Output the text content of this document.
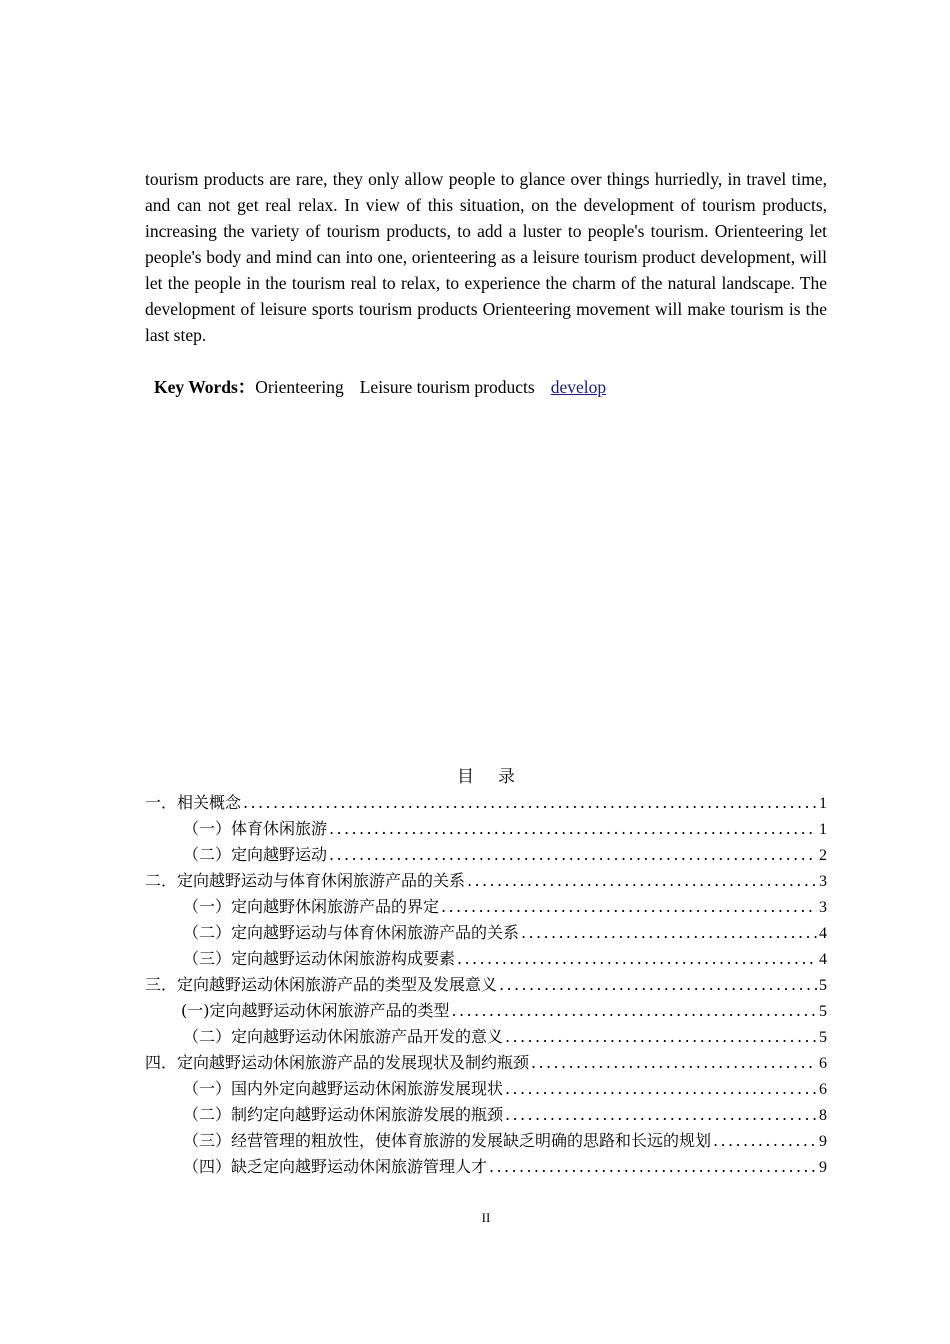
tourism products are rare, they only allow people to glance over things hurriedly, in travel time, and can not get real relax. In view of this situation, on the development of tourism products, increasing the variety of tourism products, to add a luster to people's tourism. Orienteering let people's body and mind can into one, orienteering as a leisure tourism product development, will let the people in the tourism real to relax, to experience the charm of the natural landscape. The development of leisure sports tourism products Orienteering movement will make tourism is the last step.

Key Words：Orienteering Leisure tourism products develop
目 录
一． 相关概念 .....	1
（一）体育休闲旅游 .....	1
（二）定向越野运动 .....	2
二． 定向越野运动与体育休闲旅游产品的关系 .....	3
（一）定向越野休闲旅游产品的界定 .....	3
（二）定向越野运动与体育休闲旅游产品的关系 .....	4
（三）定向越野运动休闲旅游构成要素 .....	4
三． 定向越野运动休闲旅游产品的类型及发展意义 .....	5
(一)定向越野运动休闲旅游产品的类型 .....	5
（二）定向越野运动休闲旅游产品开发的意义 .....	5
四． 定向越野运动休闲旅游产品的发展现状及制约瓶颈 .....	6
（一）国内外定向越野运动休闲旅游发展现状 .....	6
（二）制约定向越野运动休闲旅游发展的瓶颈 .....	8
（三）经营管理的粗放性，使体育旅游的发展缺乏明确的思路和长远的规划 .....	9
（四）缺乏定向越野运动休闲旅游管理人才 .....	9
II
